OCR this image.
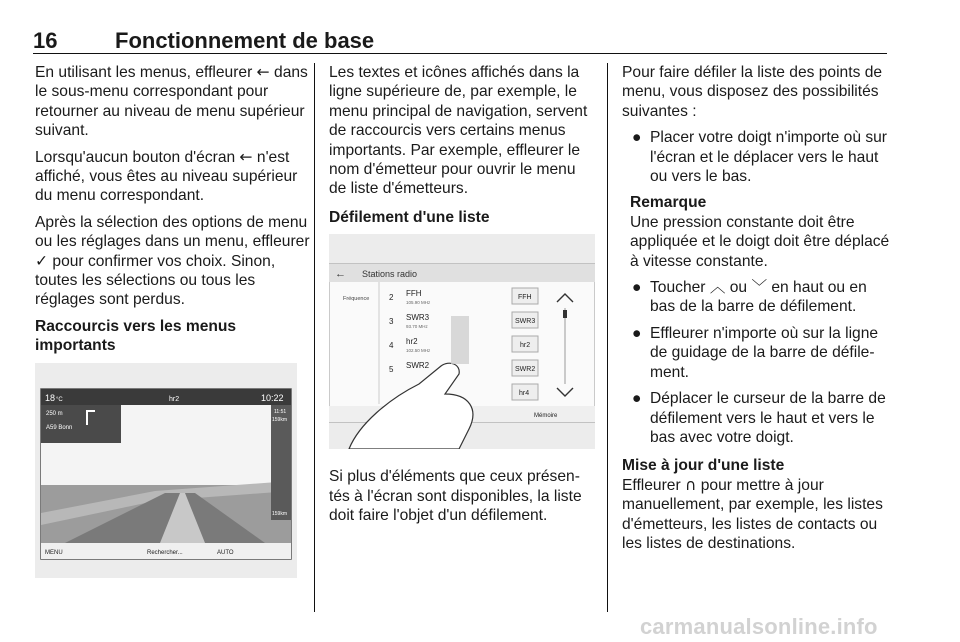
16	Fonctionnement de base

En utilisant les menus, effleurer ← dans le sous-menu correspondant pour retourner au niveau de menu supérieur suivant.

Lorsqu'aucun bouton d'écran ← n'est affiché, vous êtes au niveau supérieur du menu correspondant.

Après la sélection des options de menu ou les réglages dans un menu, effleurer ✓ pour confirmer vos choix. Sinon, toutes les sélections ou tous les réglages sont perdus.

Raccourcis vers les menus importants
18 °C	hr2	10:22
250 m
A59 Bonn
11:51
159km
159km
MENU	Rechercher...	AUTO

Les textes et icônes affichés dans la ligne supérieure de, par exemple, le menu principal de navigation, servent de raccourcis vers certains menus importants. Par exemple, effleurer le nom d'émetteur pour ouvrir le menu de liste d'émetteurs.

Défilement d'une liste
← Stations radio
Fréquence 2 FFH
105.90 MHz
FFH
3 SWR3
93.70 MHz
SWR3
4 hr2
102.50 MHz
hr2
5 SWR2	SWR2
hr4
Mémoire

Si plus d'éléments que ceux présen-tés à l'écran sont disponibles, la liste doit faire l'objet d'un défilement.

Pour faire défiler la liste des points de menu, vous disposez des possibilités suivantes :

● Placer votre doigt n'importe où sur l'écran et le déplacer vers le haut ou vers le bas.
Remarque

Une pression constante doit être appliquée et le doigt doit être déplacé à vitesse constante.

● Toucher ︿ ou ﹀ en haut ou en bas de la barre de défilement.
● Effleurer n'importe où sur la ligne de guidage de la barre de défile-ment.
● Déplacer le curseur de la barre de défilement vers le haut et vers le bas avec votre doigt.
Mise à jour d'une liste

Effleurer ∩ pour mettre à jour manuellement, par exemple, les listes d'émetteurs, les listes de contacts ou les listes de destinations.

carmanualsonline.info
